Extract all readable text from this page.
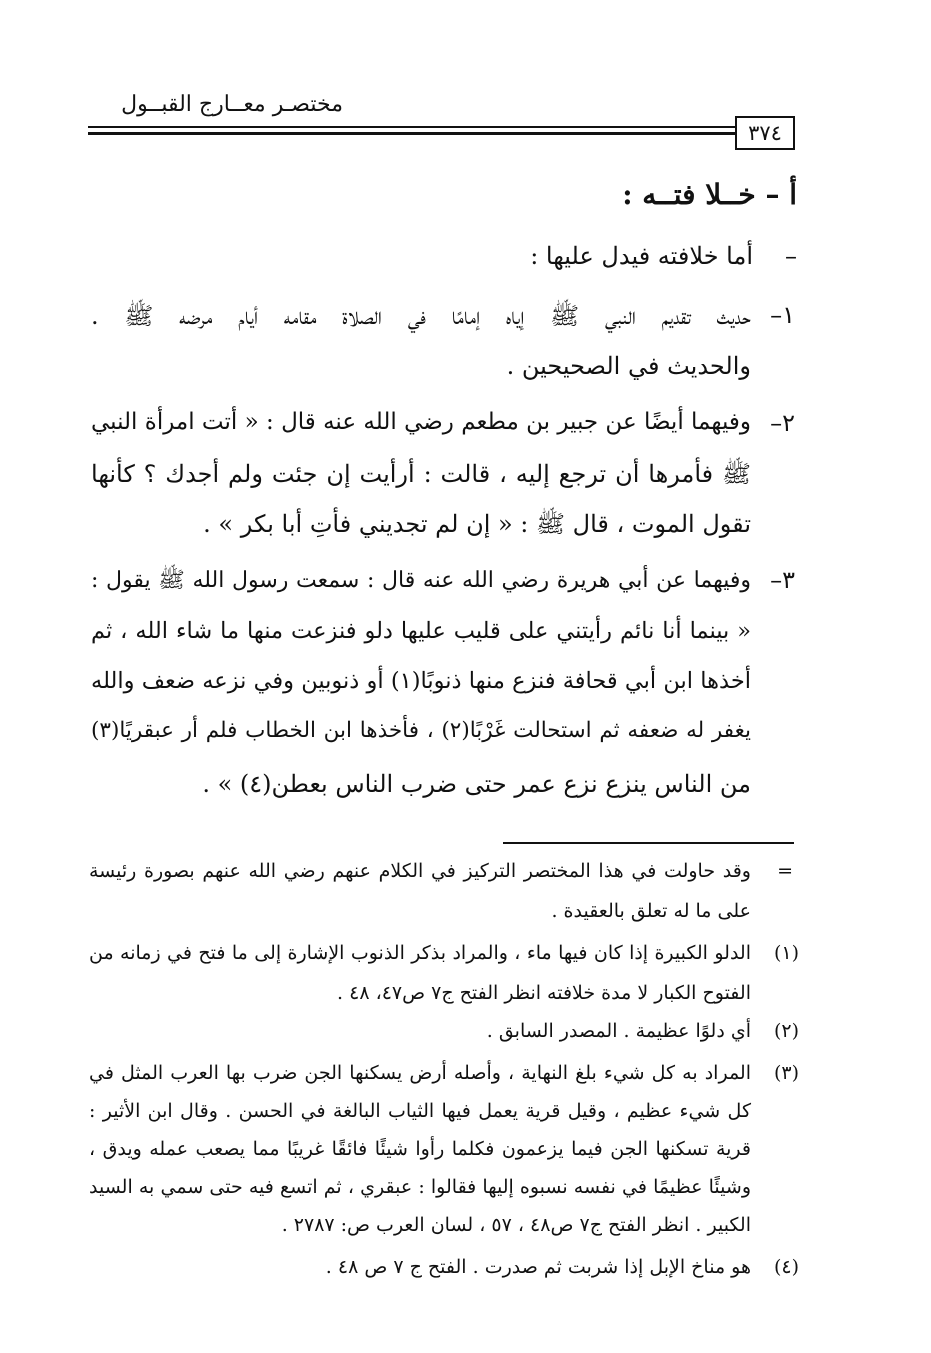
مختصـر معــارج القبــول
٣٧٤
أ – خــلا فتــه :
–
أما خلافته فيدل عليها :
١–
حديث تقديم النبي ﷺ إياه إمامًا في الصلاة مقامه أيام مرضه ﷺ .
والحديث في الصحيحين .
٢–
وفيهما أيضًا عن جبير بن مطعم رضي الله عنه قال : « أتت امرأة النبي
ﷺ فأمرها أن ترجع إليه ، قالت : أرأيت إن جئت ولم أجدك ؟ كأنها
تقول الموت ، قال ﷺ : « إن لم تجديني فأتِ أبا بكر » .
٣–
وفيهما عن أبي هريرة رضي الله عنه قال : سمعت رسول الله ﷺ يقول :
« بينما أنا نائم رأيتني على قليب عليها دلو فنزعت منها ما شاء الله ، ثم
أخذها ابن أبي قحافة فنزع منها ذنوبًا(١) أو ذنوبين وفي نزعه ضعف والله
يغفر له ضعفه ثم استحالت غَرْبًا(٢) ، فأخذها ابن الخطاب فلم أر عبقريًا(٣)
من الناس ينزع نزع عمر حتى ضرب الناس بعطن(٤) » .
=
وقد حاولت في هذا المختصر التركيز في الكلام عنهم رضي الله عنهم بصورة رئيسة
على ما له تعلق بالعقيدة .
(١)
الدلو الكبيرة إذا كان فيها ماء ، والمراد بذكر الذنوب الإشارة إلى ما فتح في زمانه من
الفتوح الكبار لا مدة خلافته انظر الفتح ج٧ ص٤٧، ٤٨ .
(٢)
أي دلوًا عظيمة . المصدر السابق .
(٣)
المراد به كل شيء بلغ النهاية ، وأصله أرض يسكنها الجن ضرب بها العرب المثل في
كل شيء عظيم ، وقيل قرية يعمل فيها الثياب البالغة في الحسن . وقال ابن الأثير :
قرية تسكنها الجن فيما يزعمون فكلما رأوا شيئًا فائقًا غريبًا مما يصعب عمله ويدق ،
وشيئًا عظيمًا في نفسه نسبوه إليها فقالوا : عبقري ، ثم اتسع فيه حتى سمي به السيد
الكبير . انظر الفتح ج٧ ص٤٨ ، ٥٧ ، لسان العرب ص: ٢٧٨٧ .
(٤)
هو مناخ الإبل إذا شربت ثم صدرت . الفتح ج ٧ ص ٤٨ .
